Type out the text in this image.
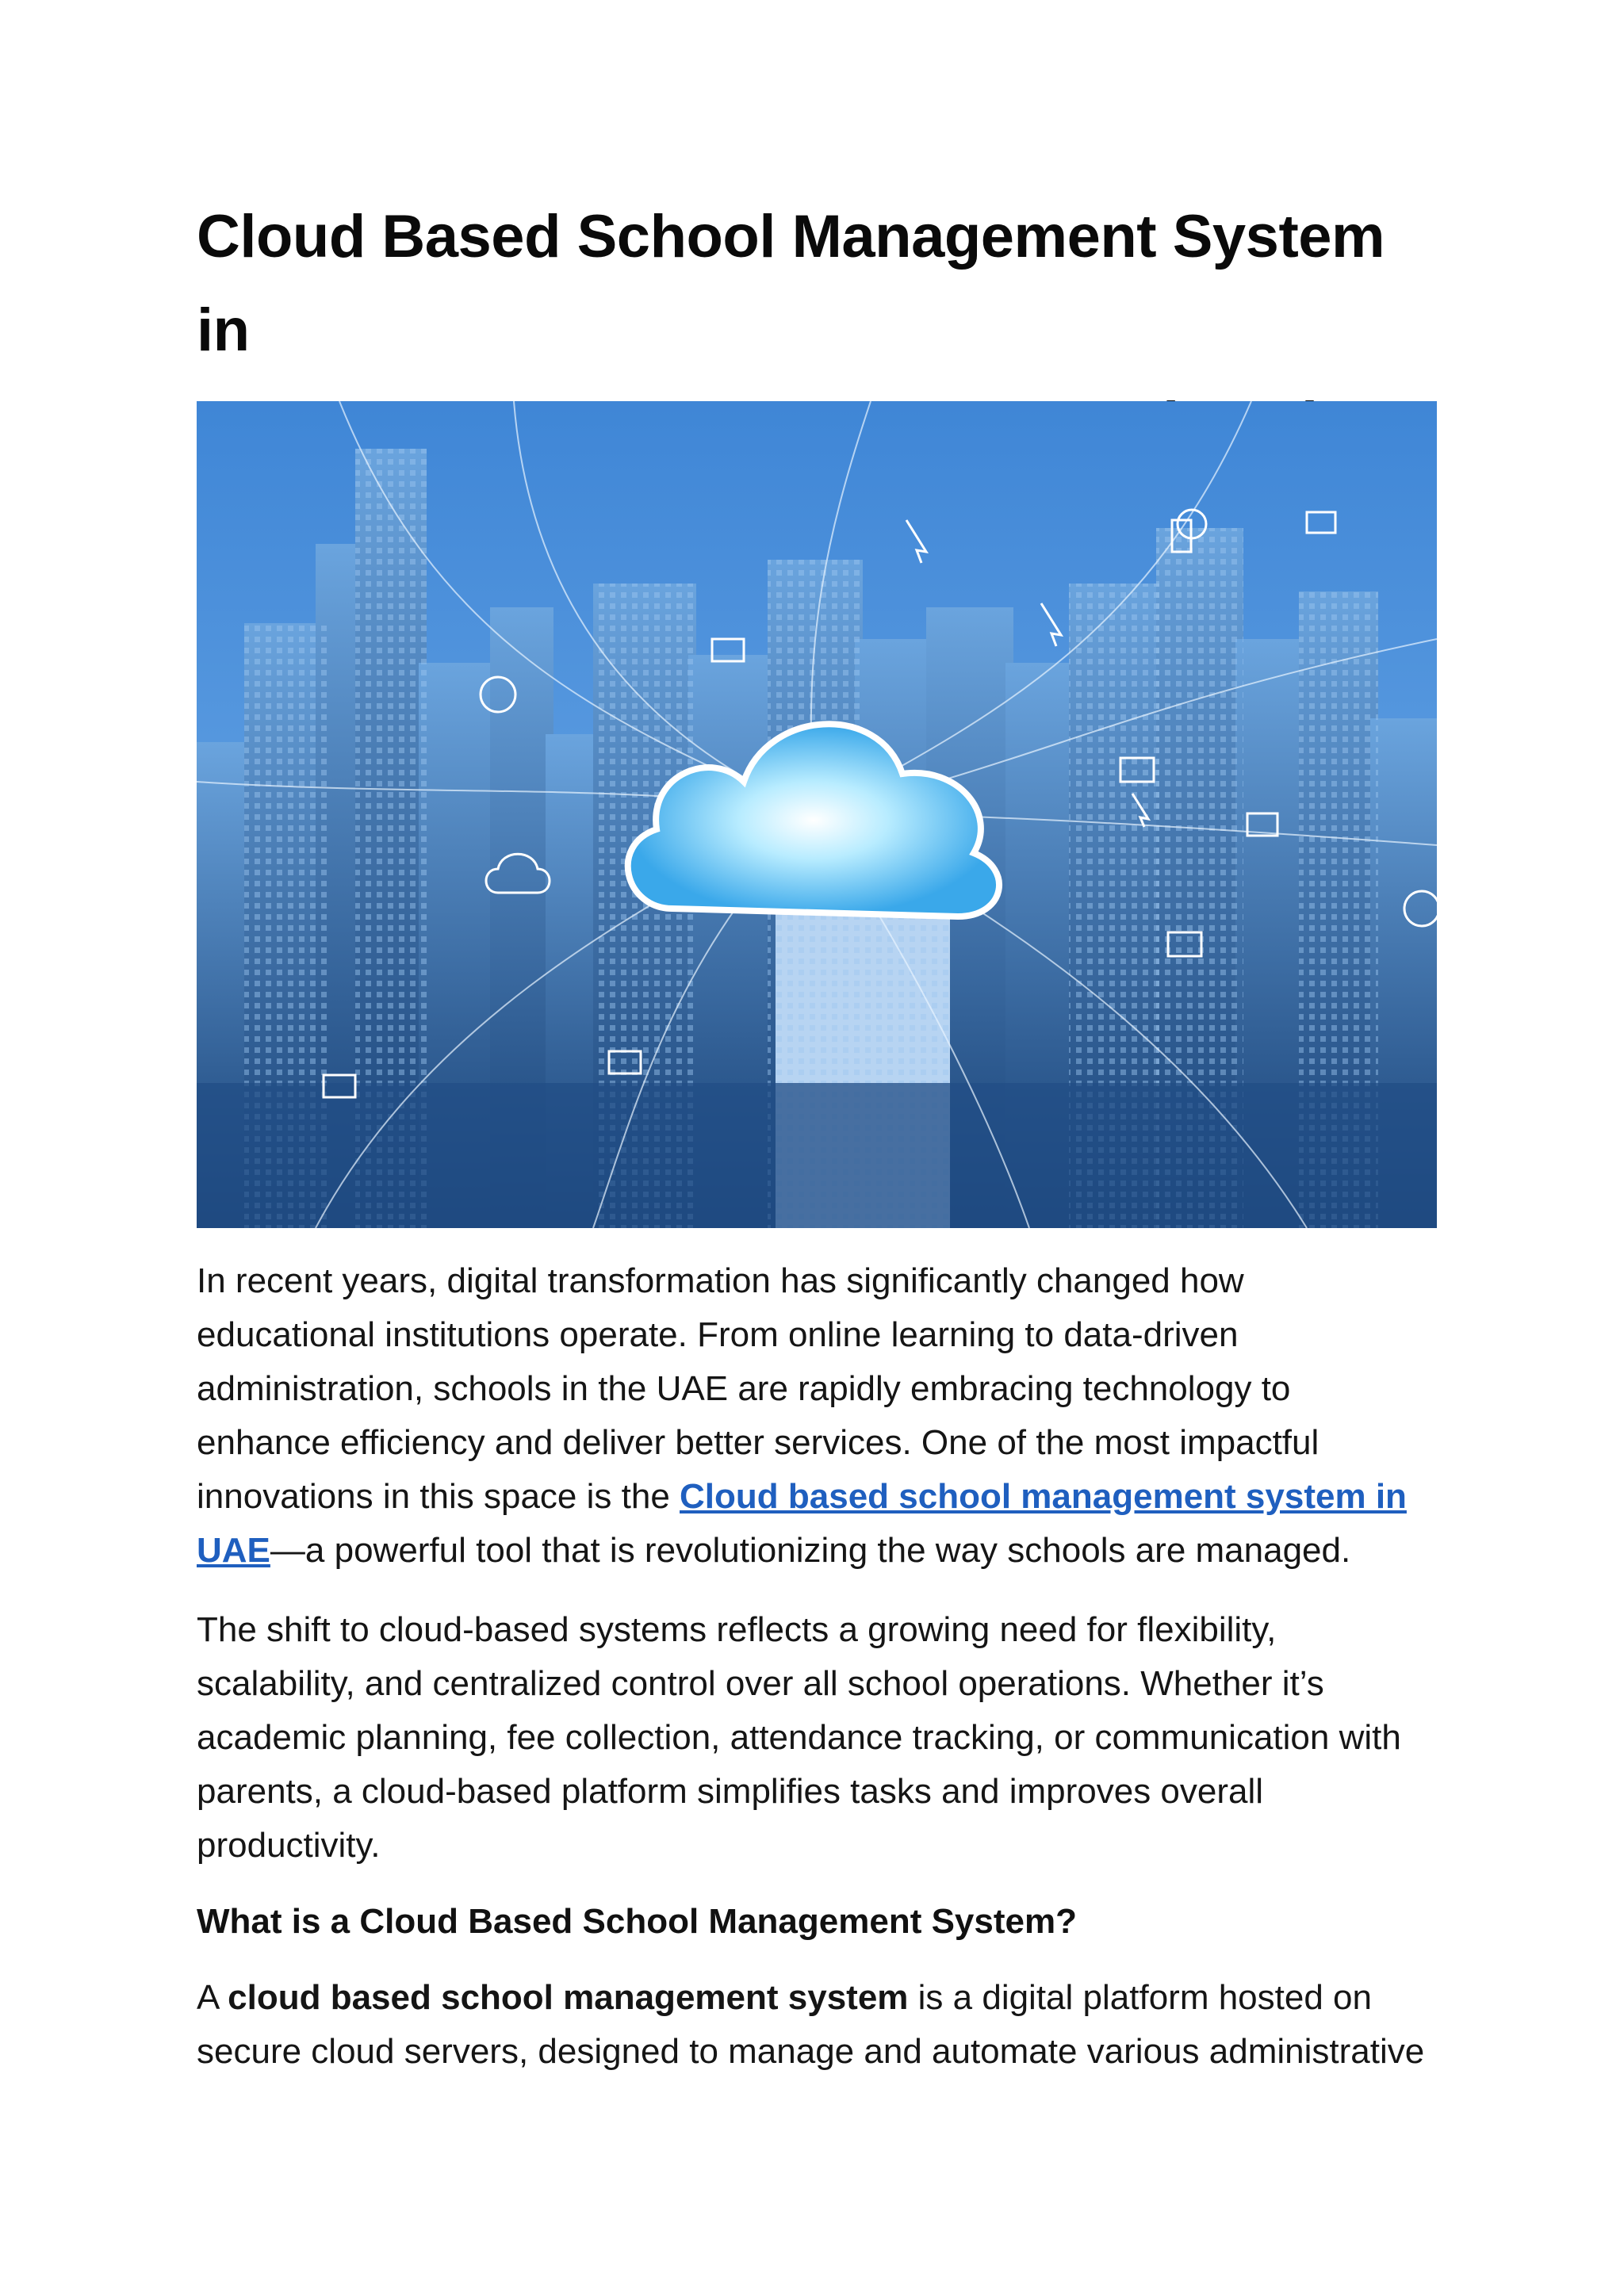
Cloud Based School Management System in

In recent years, digital transformation has significantly changed how
educational institutions operate. From online learning to data-driven
administration, schools in the UAE are rapidly embracing technology to
enhance efficiency and deliver better services. One of the most impactful
innovations in this space is the Cloud based school management system in
UAE—a powerful tool that is revolutionizing the way schools are managed.

The shift to cloud-based systems reflects a growing need for flexibility,
scalability, and centralized control over all school operations. Whether it’s
academic planning, fee collection, attendance tracking, or communication with
parents, a cloud-based platform simplifies tasks and improves overall
productivity.

What is a Cloud Based School Management System?

A cloud based school management system is a digital platform hosted on
secure cloud servers, designed to manage and automate various administrative
